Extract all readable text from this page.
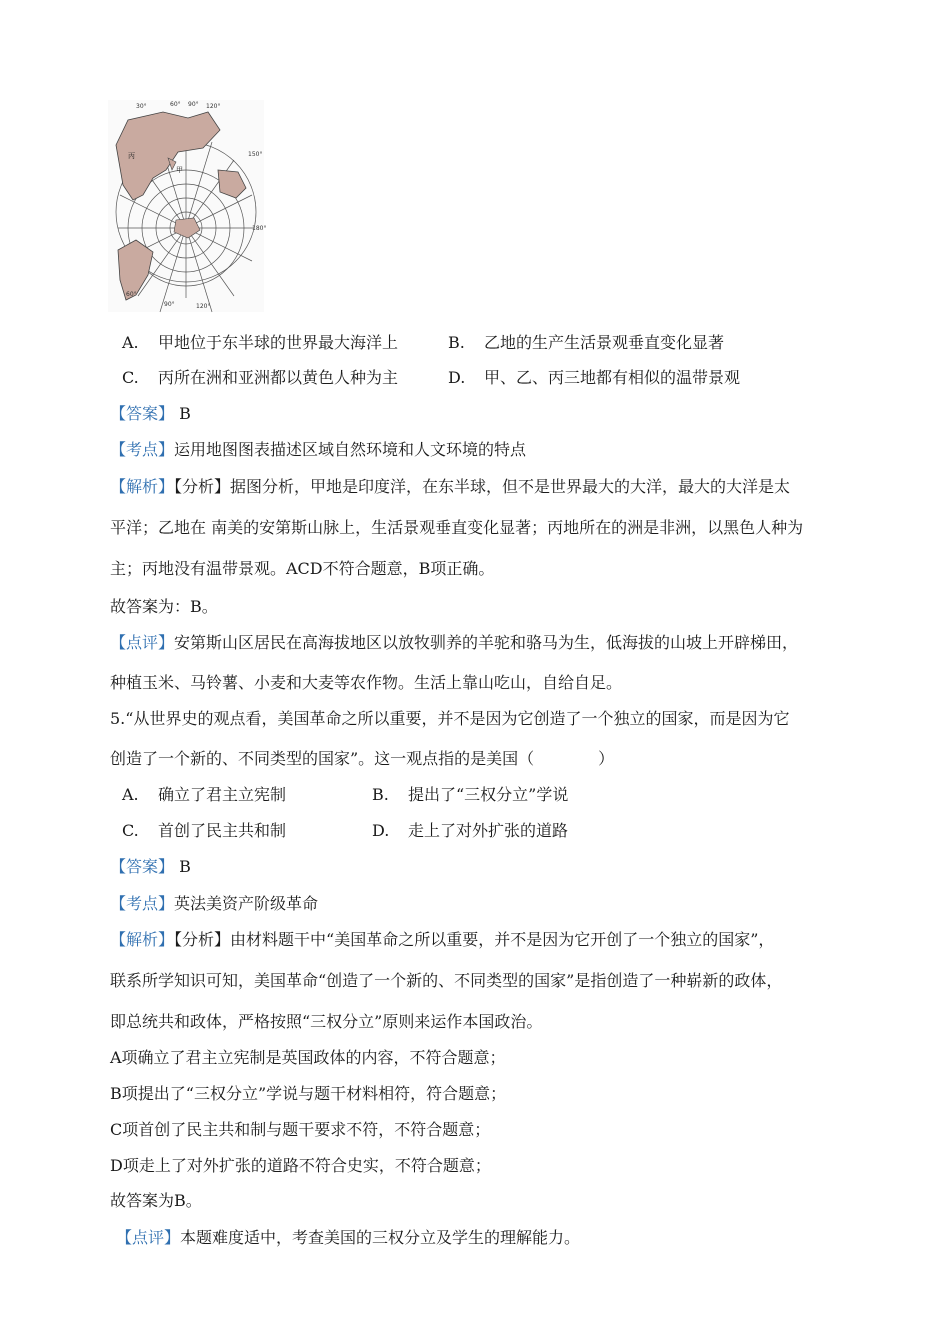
30°	60° 90° 120°
150°
180°
60°
90°	120°
丙
甲
A. 甲地位于东半球的世界最大海洋上	B. 乙地的生产生活景观垂直变化显著
C. 丙所在洲和亚洲都以黄色人种为主	D. 甲、乙、丙三地都有相似的温带景观
【答案】 B
【考点】运用地图图表描述区域自然环境和人文环境的特点
【解析】【分析】据图分析，甲地是印度洋，在东半球，但不是世界最大的大洋，最大的大洋是太
平洋；乙地在 南美的安第斯山脉上，生活景观垂直变化显著；丙地所在的洲是非洲，以黑色人种为
主；丙地没有温带景观。ACD不符合题意，B项正确。
故答案为：B。
【点评】安第斯山区居民在高海拔地区以放牧驯养的羊驼和骆马为生，低海拔的山坡上开辟梯田，
种植玉米、马铃薯、小麦和大麦等农作物。生活上靠山吃山，自给自足。
5.“从世界史的观点看，美国革命之所以重要，并不是因为它创造了一个独立的国家，而是因为它
创造了一个新的、不同类型的国家”。这一观点指的是美国（　　　　）
A. 确立了君主立宪制	B. 提出了“三权分立”学说
C. 首创了民主共和制	D. 走上了对外扩张的道路
【答案】 B
【考点】英法美资产阶级革命
【解析】【分析】由材料题干中“美国革命之所以重要，并不是因为它开创了一个独立的国家”，
联系所学知识可知，美国革命“创造了一个新的、不同类型的国家”是指创造了一种崭新的政体，
即总统共和政体，严格按照“三权分立”原则来运作本国政治。
A项确立了君主立宪制是英国政体的内容，不符合题意；
B项提出了“三权分立”学说与题干材料相符，符合题意；
C项首创了民主共和制与题干要求不符，不符合题意；
D项走上了对外扩张的道路不符合史实，不符合题意；
故答案为B。
【点评】本题难度适中，考查美国的三权分立及学生的理解能力。
